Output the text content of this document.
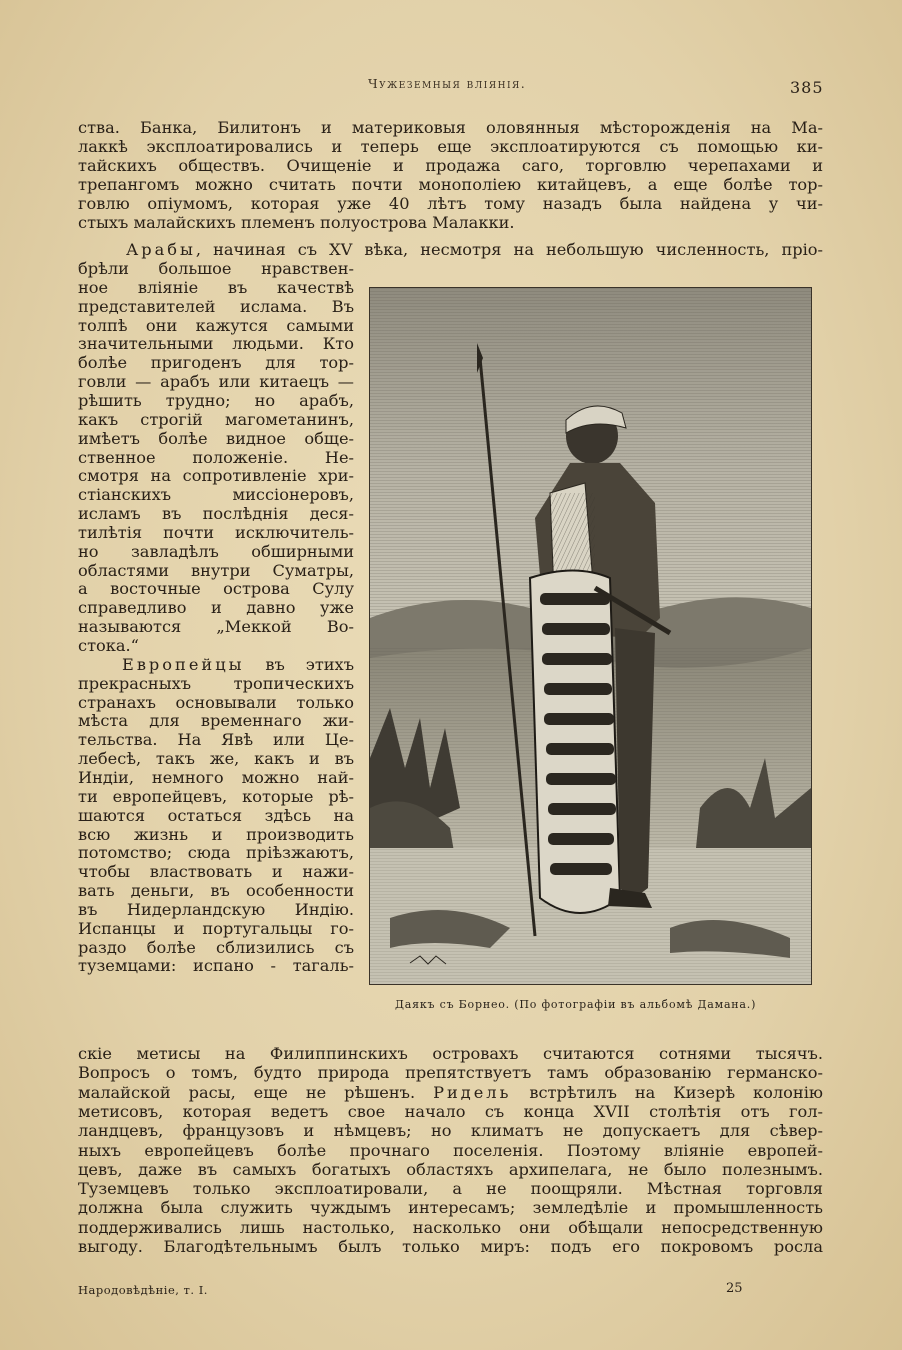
Чужеземныя вліянія.	385
ства. Банка, Билитонъ и материковыя оловянныя мѣсторожденія на Ма-
лаккѣ эксплоатировались и теперь еще эксплоатируются съ помощью ки-
тайскихъ обществъ. Очищеніе и продажа саго, торговлю черепахами и
трепангомъ можно считать почти монополіею китайцевъ, а еще болѣе тор-
говлю опіумомъ, которая уже 40 лѣтъ тому назадъ была найдена у чи-
стыхъ малайскихъ племенъ полуострова Малакки.
Арабы, начиная съ XV вѣка, несмотря на небольшую численность, пріо-
брѣли большое нравствен-
ное вліяніе въ качествѣ
представителей ислама. Въ
толпѣ они кажутся самыми
значительными людьми. Кто
болѣе пригоденъ для тор-
говли — арабъ или китаецъ —
рѣшить трудно; но арабъ,
какъ строгій магометанинъ,
имѣетъ болѣе видное обще-
ственное положеніе. Не-
смотря на сопротивленіе хри-
стіанскихъ миссіонеровъ,
исламъ въ послѣднія деся-
тилѣтія почти исключитель-
но завладѣлъ обширными
областями внутри Суматры,
а восточные острова Сулу
справедливо и давно уже
называются „Меккой Во-
стока.“
Европейцы въ этихъ
прекрасныхъ тропическихъ
странахъ основывали только
мѣста для временнаго жи-
тельства. На Явѣ или Це-
лебесѣ, такъ же, какъ и въ
Индіи, немного можно най-
ти европейцевъ, которые рѣ-
шаются остаться здѣсь на
всю жизнь и производить
потомство; сюда пріѣзжаютъ,
чтобы властвовать и нажи-
вать деньги, въ особенности
въ Нидерландскую Индію.
Испанцы и португальцы го-
раздо болѣе сблизились съ
туземцами: испано - тагаль-
Даякъ съ Борнео. (По фотографіи въ альбомѣ Дамана.)
скіе метисы на Филиппинскихъ островахъ считаются сотнями тысячъ.
Вопросъ о томъ, будто природа препятствуетъ тамъ образованію германско-
малайской расы, еще не рѣшенъ. Ридель встрѣтилъ на Кизерѣ колонію
метисовъ, которая ведетъ свое начало съ конца XVII столѣтія отъ гол-
ландцевъ, французовъ и нѣмцевъ; но климатъ не допускаетъ для сѣвер-
ныхъ европейцевъ болѣе прочнаго поселенія. Поэтому вліяніе европей-
цевъ, даже въ самыхъ богатыхъ областяхъ архипелага, не было полезнымъ.
Туземцевъ только эксплоатировали, а не поощряли. Мѣстная торговля
должна была служить чуждымъ интересамъ; земледѣліе и промышленность
поддерживались лишь настолько, насколько они обѣщали непосредственную
выгоду. Благодѣтельнымъ былъ только миръ: подъ его покровомъ росла
Народовѣдѣніе, т. I.	25
